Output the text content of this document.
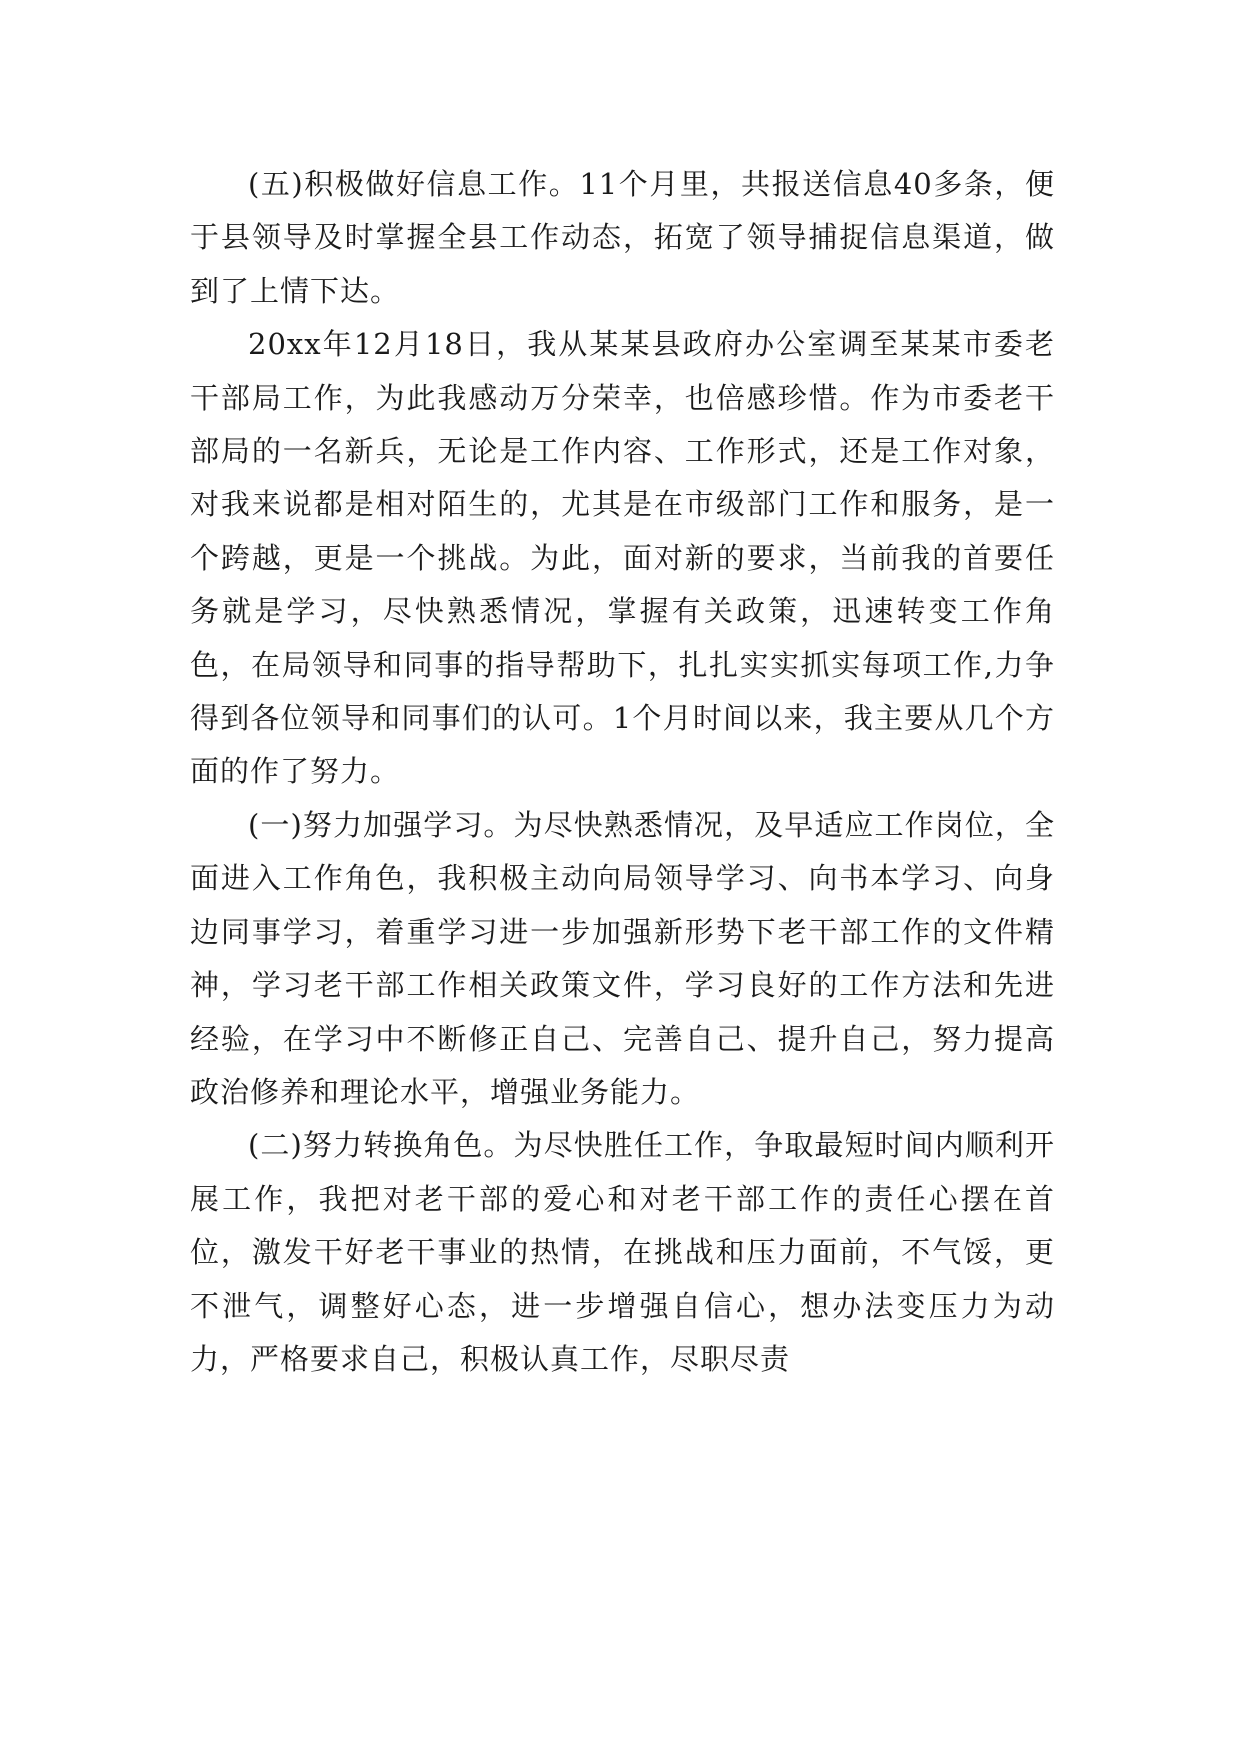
(五)积极做好信息工作。11个月里，共报送信息40多条，便于县领导及时掌握全县工作动态，拓宽了领导捕捉信息渠道，做到了上情下达。

20xx年12月18日，我从某某县政府办公室调至某某市委老干部局工作，为此我感动万分荣幸，也倍感珍惜。作为市委老干部局的一名新兵，无论是工作内容、工作形式，还是工作对象，对我来说都是相对陌生的，尤其是在市级部门工作和服务，是一个跨越，更是一个挑战。为此，面对新的要求，当前我的首要任务就是学习，尽快熟悉情况，掌握有关政策，迅速转变工作角色，在局领导和同事的指导帮助下，扎扎实实抓实每项工作,力争得到各位领导和同事们的认可。1个月时间以来，我主要从几个方面的作了努力。

(一)努力加强学习。为尽快熟悉情况，及早适应工作岗位，全面进入工作角色，我积极主动向局领导学习、向书本学习、向身边同事学习，着重学习进一步加强新形势下老干部工作的文件精神，学习老干部工作相关政策文件，学习良好的工作方法和先进经验，在学习中不断修正自己、完善自己、提升自己，努力提高政治修养和理论水平，增强业务能力。

(二)努力转换角色。为尽快胜任工作，争取最短时间内顺利开展工作，我把对老干部的爱心和对老干部工作的责任心摆在首位，激发干好老干事业的热情，在挑战和压力面前，不气馁，更不泄气，调整好心态，进一步增强自信心，想办法变压力为动力，严格要求自己，积极认真工作，尽职尽责
